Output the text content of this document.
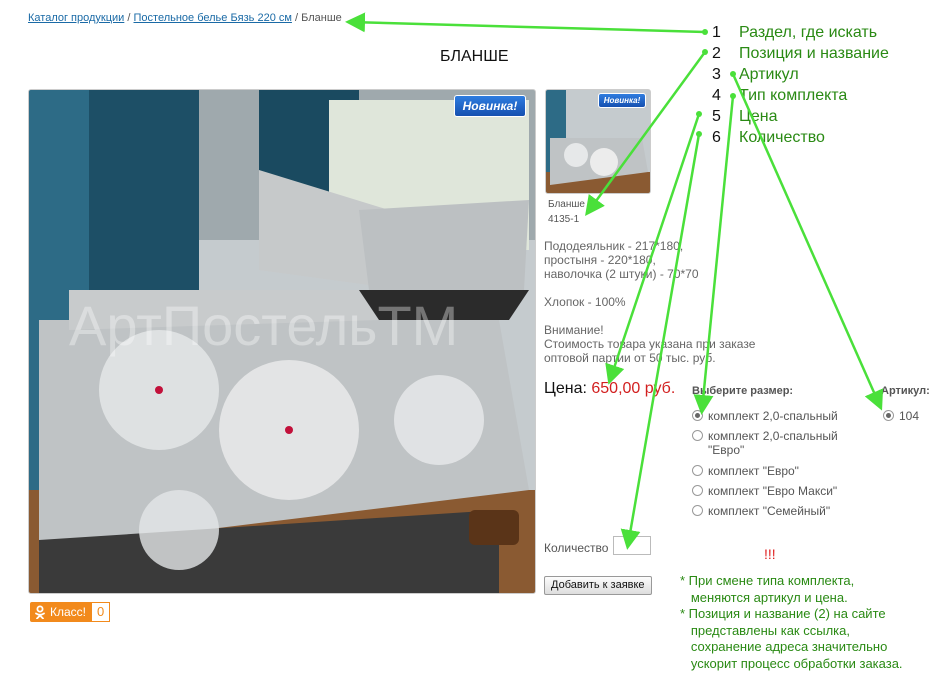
Каталог продукции / Постельное белье Бязь 220 см / Бланше
БЛАНШЕ
АртПостельTM
Новинка!	Новинка!
Бланше
4135-1
Пододеяльник - 217*180,
простыня - 220*180,
наволочка (2 штуки) - 70*70

Хлопок - 100%

Внимание!
Стоимость товара указана при заказе
оптовой партии от 50 тыс. руб.
Цена: 650,00 руб. Выберите размер:
комплект 2,0-спальный
комплект 2,0-спальный "Евро"
комплект "Евро"
комплект "Евро Макси"
комплект "Семейный"
Артикул:
104
Количество
Добавить к заявке
Класс! 0
1	Раздел, где искать
2	Позиция и название
3	Артикул
4	Тип комплекта
5	Цена
6	Количество
!!!
* При смене типа комплекта,
меняются артикул и цена.
* Позиция и название (2) на сайте
представлены как ссылка,
сохранение адреса значительно
ускорит процесс обработки заказа.
